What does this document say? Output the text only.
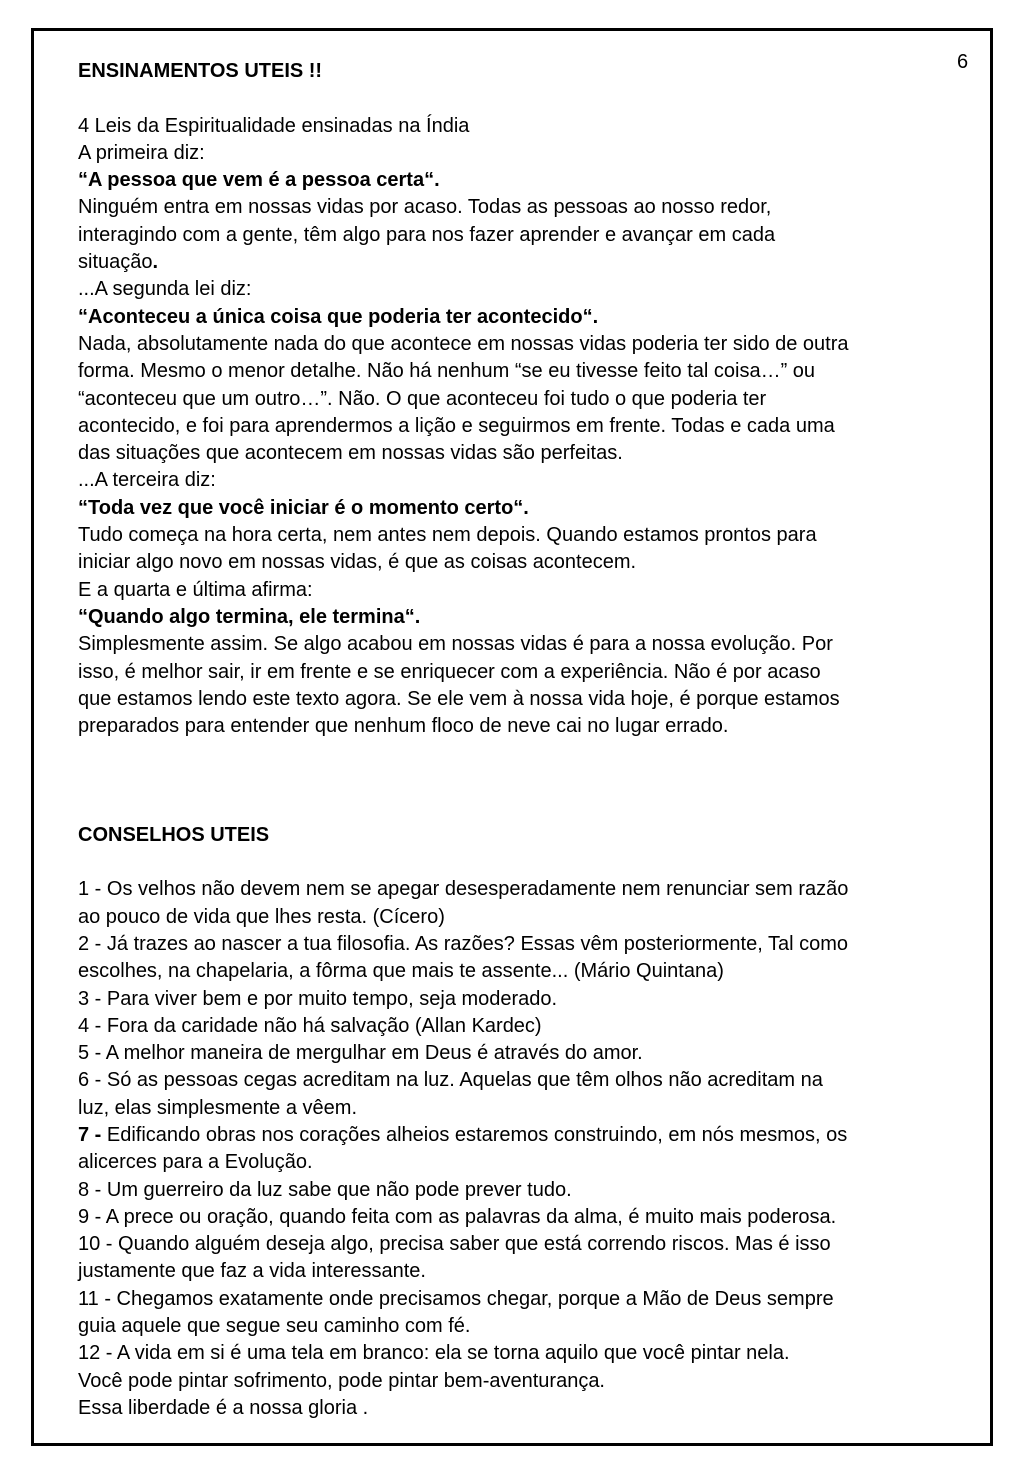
6
ENSINAMENTOS UTEIS !!
4 Leis da Espiritualidade ensinadas na Índia
A primeira diz:
“A pessoa que vem é a pessoa certa“.
Ninguém entra em nossas vidas por acaso. Todas as pessoas ao nosso redor,
interagindo com a gente, têm algo para nos fazer aprender e avançar em cada
situação.
...A segunda lei diz:
“Aconteceu a única coisa que poderia ter acontecido“.
Nada, absolutamente nada do que acontece em nossas vidas poderia ter sido de outra
forma. Mesmo o menor detalhe. Não há nenhum “se eu tivesse feito tal coisa…” ou
“aconteceu que um outro…”. Não. O que aconteceu foi tudo o que poderia ter
acontecido, e foi para aprendermos a lição e seguirmos em frente. Todas e cada uma
das situações que acontecem em nossas vidas são perfeitas.
...A terceira diz:
“Toda vez que você iniciar é o momento certo“.
Tudo começa na hora certa, nem antes nem depois. Quando estamos prontos para
iniciar algo novo em nossas vidas, é que as coisas acontecem.
E a quarta e última afirma:
“Quando algo termina, ele termina“.
Simplesmente assim. Se algo acabou em nossas vidas é para a nossa evolução. Por
isso, é melhor sair, ir em frente e se enriquecer com a experiência. Não é por acaso
que estamos lendo este texto agora. Se ele vem à nossa vida hoje, é porque estamos
preparados para entender que nenhum floco de neve cai no lugar errado.
CONSELHOS UTEIS
1 - Os velhos não devem nem se apegar desesperadamente nem renunciar sem razão
ao pouco de vida que lhes resta. (Cícero)
2 - Já trazes ao nascer a tua filosofia. As razões? Essas vêm posteriormente, Tal como
escolhes, na chapelaria, a fôrma que mais te assente... (Mário Quintana)
3 - Para viver bem e por muito tempo, seja moderado.
4 - Fora da caridade não há salvação (Allan Kardec)
5 - A melhor maneira de mergulhar em Deus é através do amor.
6 - Só as pessoas cegas acreditam na luz. Aquelas que têm olhos não acreditam na
luz, elas simplesmente a vêem.
7 - Edificando obras nos corações alheios estaremos construindo, em nós mesmos, os
alicerces para a Evolução.
8 - Um guerreiro da luz sabe que não pode prever tudo.
9 - A prece ou oração, quando feita com as palavras da alma, é muito mais poderosa.
10 - Quando alguém deseja algo, precisa saber que está correndo riscos. Mas é isso
justamente que faz a vida interessante.
11 - Chegamos exatamente onde precisamos chegar, porque a Mão de Deus sempre
guia aquele que segue seu caminho com fé.
12 - A vida em si é uma tela em branco: ela se torna aquilo que você pintar nela.
Você pode pintar sofrimento, pode pintar bem-aventurança.
Essa liberdade é a nossa gloria .
